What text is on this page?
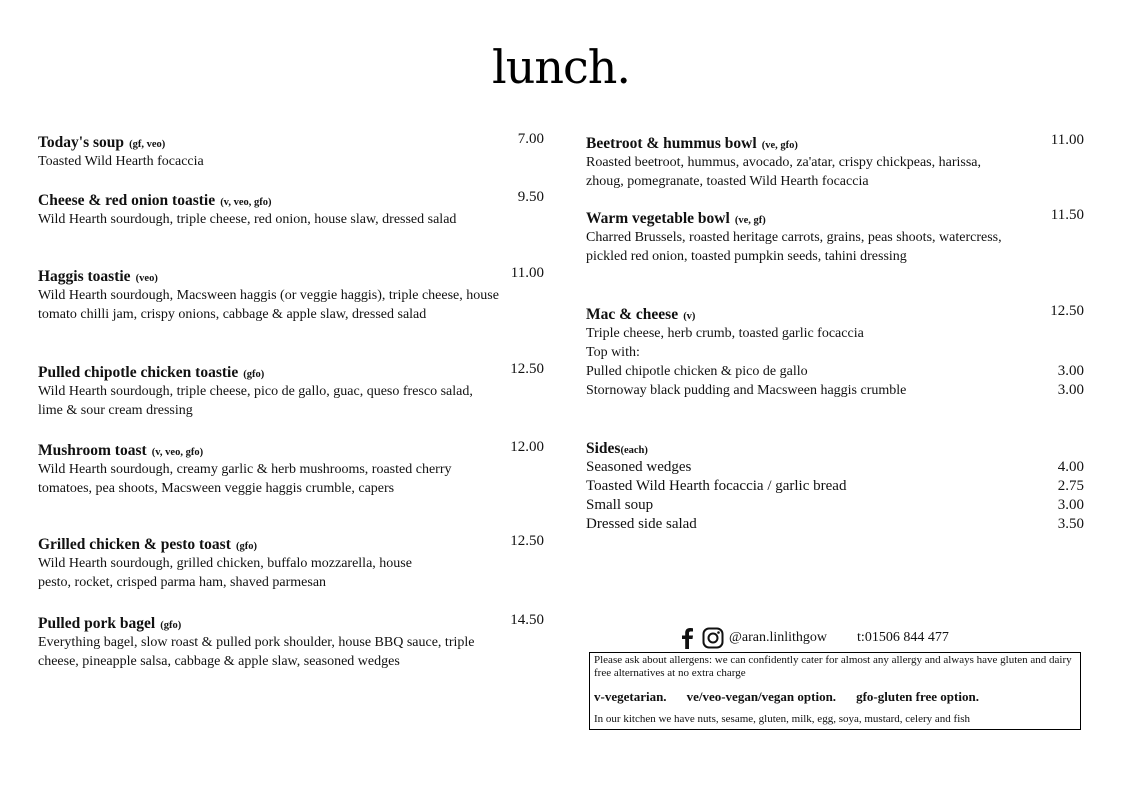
lunch.
Today's soup (gf, veo)	7.00

Toasted Wild Hearth focaccia

Cheese & red onion toastie (v, veo, gfo)	9.50

Wild Hearth sourdough, triple cheese, red onion, house slaw, dressed salad

Haggis toastie (veo)	11.00

Wild Hearth sourdough, Macsween haggis (or veggie haggis), triple cheese, house tomato chilli jam, crispy onions, cabbage & apple slaw, dressed salad

Pulled chipotle chicken toastie (gfo)	12.50

Wild Hearth sourdough, triple cheese, pico de gallo, guac, queso fresco salad, lime & sour cream dressing

Mushroom toast (v, veo, gfo)	12.00

Wild Hearth sourdough, creamy garlic & herb mushrooms, roasted cherry tomatoes, pea shoots, Macsween veggie haggis crumble, capers

Grilled chicken & pesto toast (gfo)	12.50

Wild Hearth sourdough, grilled chicken, buffalo mozzarella, house pesto, rocket, crisped parma ham, shaved parmesan

Pulled pork bagel (gfo)	14.50

Everything bagel, slow roast & pulled pork shoulder, house BBQ sauce, triple cheese, pineapple salsa, cabbage & apple slaw, seasoned wedges

Beetroot & hummus bowl (ve, gfo)	11.00

Roasted beetroot, hummus, avocado, za'atar, crispy chickpeas, harissa, zhoug, pomegranate, toasted Wild Hearth focaccia

Warm vegetable bowl (ve, gf)	11.50

Charred Brussels, roasted heritage carrots, grains, peas shoots, watercress, pickled red onion, toasted pumpkin seeds, tahini dressing

Mac & cheese (v)	12.50

Triple cheese, herb crumb, toasted garlic focaccia

Top with:
Pulled chipotle chicken & pico de gallo	3.00
Stornoway black pudding and Macsween haggis crumble	3.00
Sides(each)
Seasoned wedges	4.00
Toasted Wild Hearth focaccia / garlic bread	2.75
Small soup	3.00
Dressed side salad	3.50
@aran.linlithgow t:01506 844 477
Please ask about allergens: we can confidently cater for almost any allergy and always have gluten and dairy free alternatives at no extra charge
v-vegetarian. ve/veo-vegan/vegan option. gfo-gluten free option.
In our kitchen we have nuts, sesame, gluten, milk, egg, soya, mustard, celery and fish
